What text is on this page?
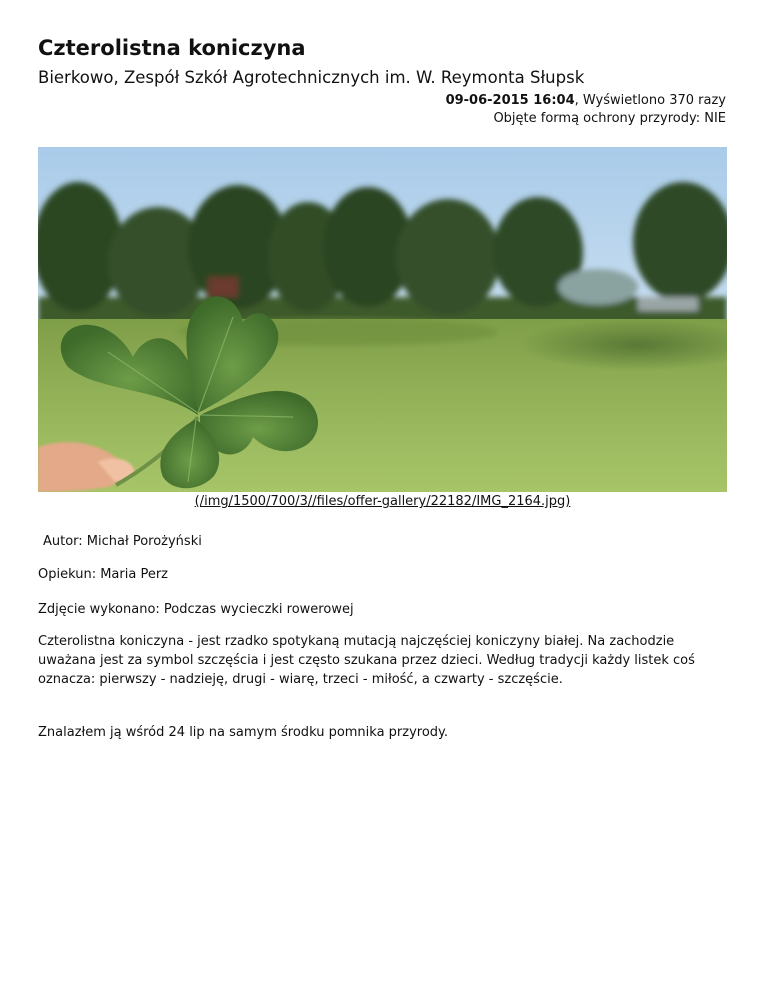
Czterolistna koniczyna
Bierkowo, Zespół Szkół Agrotechnicznych im. W. Reymonta Słupsk
09-06-2015 16:04, Wyświetlono 370 razy
Objęte formą ochrony przyrody: NIE
(/img/1500/700/3//files/offer-gallery/22182/IMG_2164.jpg)
Autor: Michał Porożyński
Opiekun: Maria Perz
Zdjęcie wykonano: Podczas wycieczki rowerowej

Czterolistna koniczyna - jest rzadko spotykaną mutacją najczęściej koniczyny białej. Na zachodzie uważana jest za symbol szczęścia i jest często szukana przez dzieci. Według tradycji każdy listek coś oznacza: pierwszy - nadzieję, drugi - wiarę, trzeci - miłość, a czwarty - szczęście.

Znalazłem ją wśród 24 lip na samym środku pomnika przyrody.
